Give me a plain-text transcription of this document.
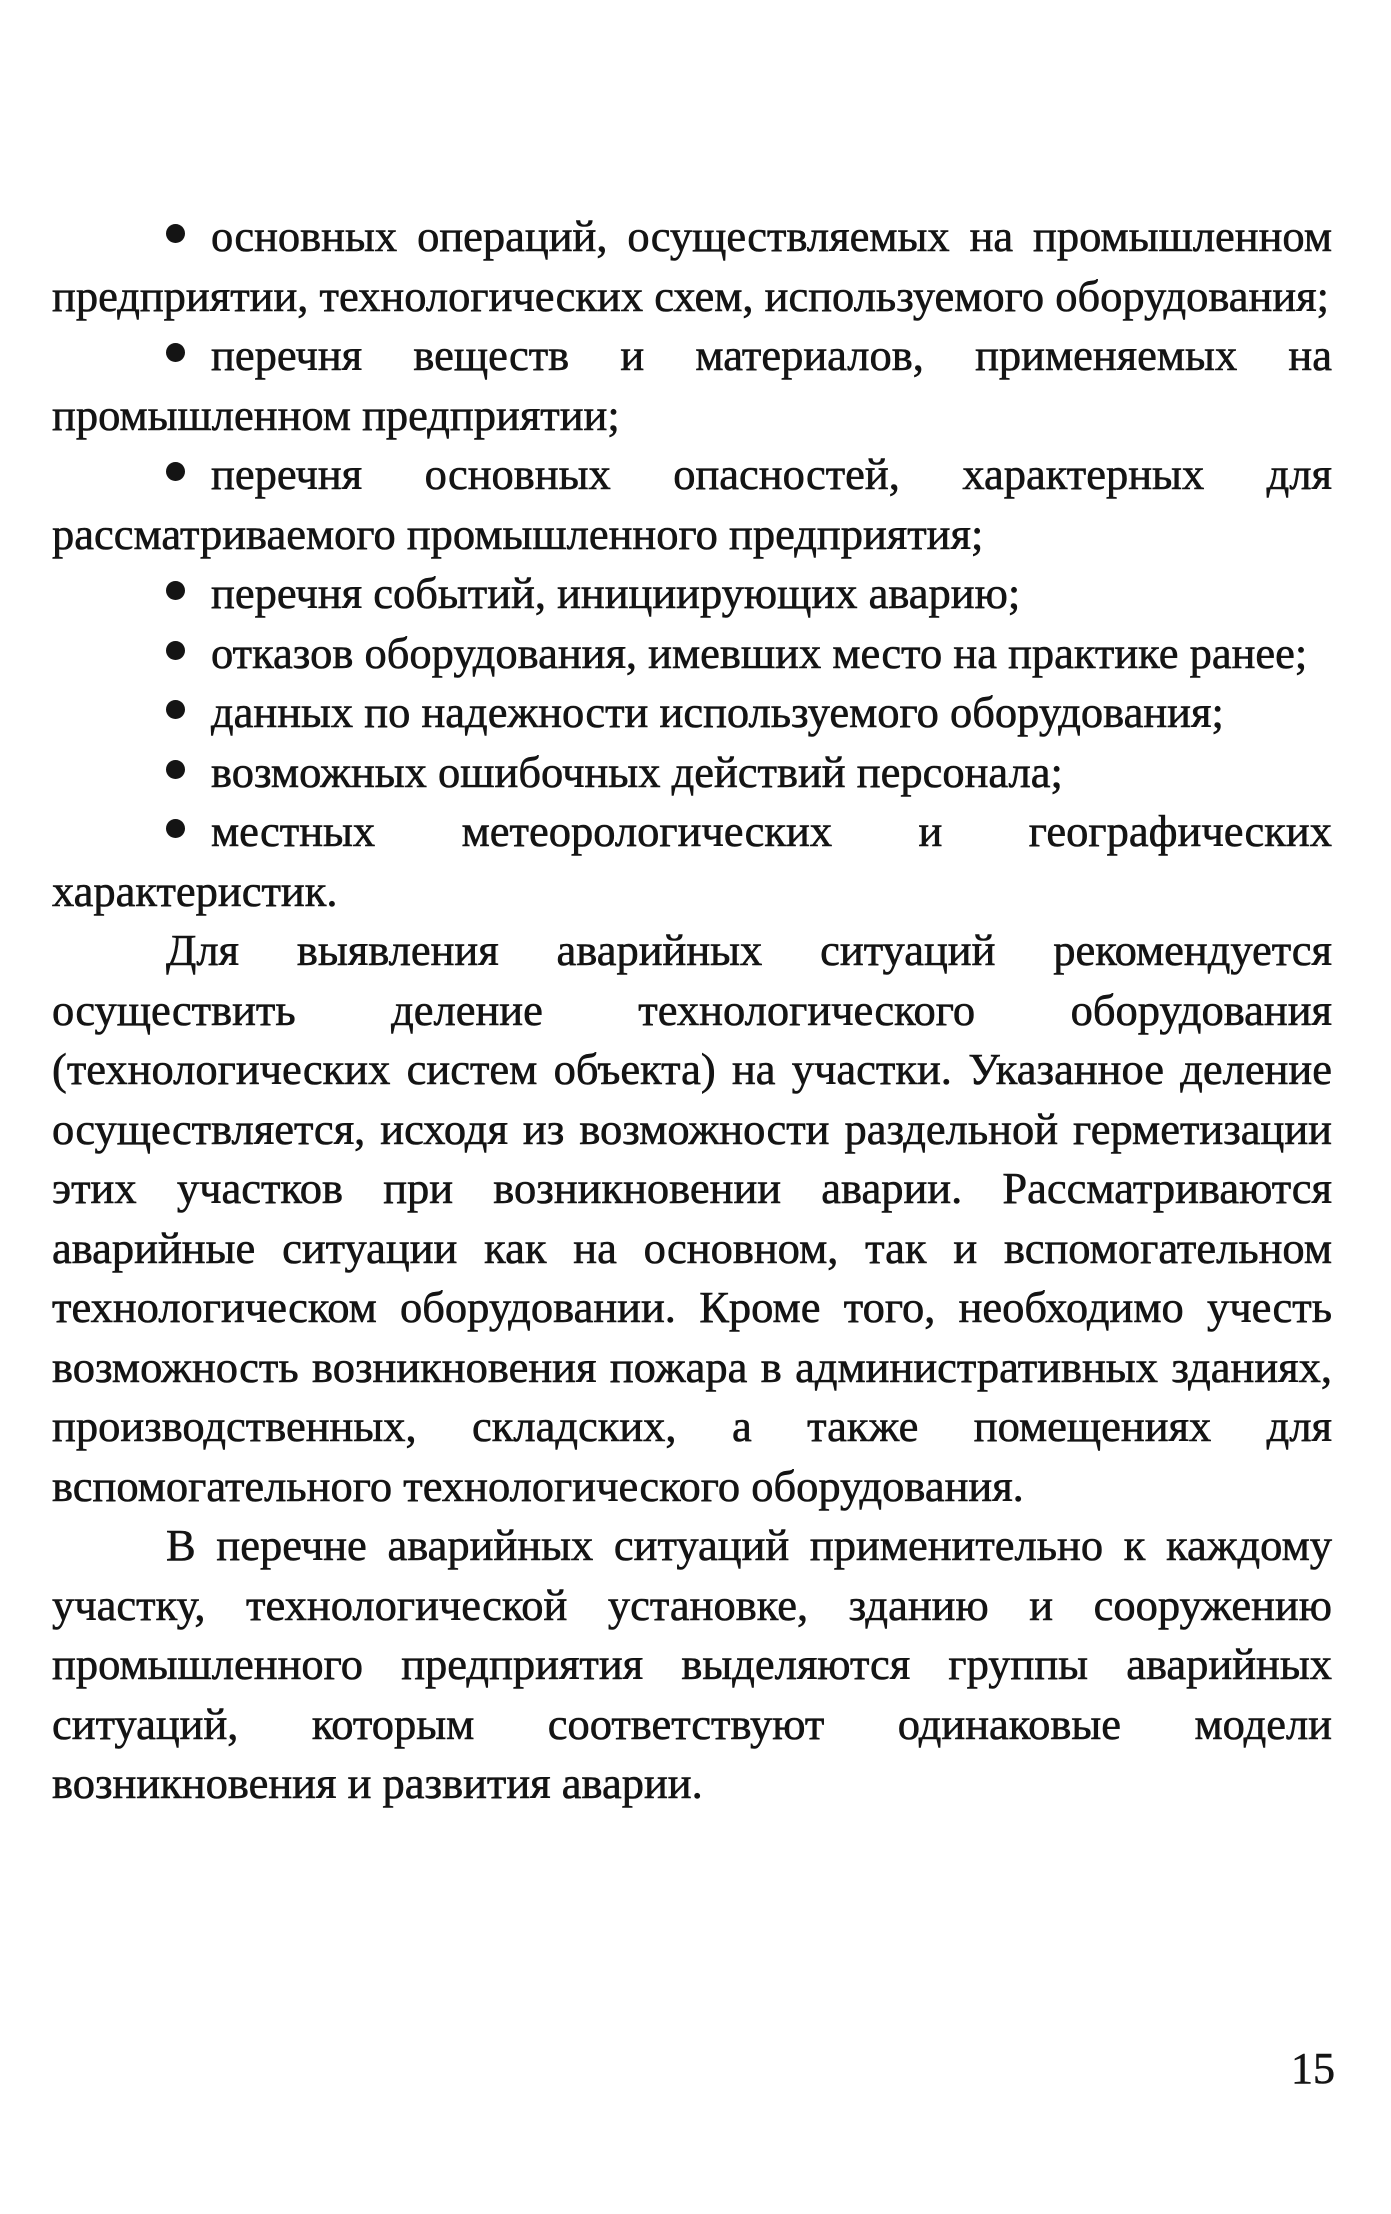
основных операций, осуществляемых на промышленном предприятии, технологических схем, используемого оборудования;

перечня веществ и материалов, применяемых на промышленном предприятии;

перечня основных опасностей, характерных для рассматриваемого промышленного предприятия;

перечня событий, инициирующих аварию;

отказов оборудования, имевших место на практике ранее;

данных по надежности используемого оборудования;

возможных ошибочных действий персонала;

местных метеорологических и географических характеристик.

Для выявления аварийных ситуаций рекомендуется осуществить деление технологического оборудования (технологических систем объекта) на участки. Указанное деление осуществляется, исходя из возможности раздельной герметизации этих участков при возникновении аварии. Рассматриваются аварийные ситуации как на основном, так и вспомогательном технологическом оборудовании. Кроме того, необходимо учесть возможность возникновения пожара в административных зданиях, производственных, складских, а также помещениях для вспомогательного технологического оборудования.

В перечне аварийных ситуаций применительно к каждому участку, технологической установке, зданию и сооружению промышленного предприятия выделяются группы аварийных ситуаций, которым соответствуют одинаковые модели возникновения и развития аварии.

15
